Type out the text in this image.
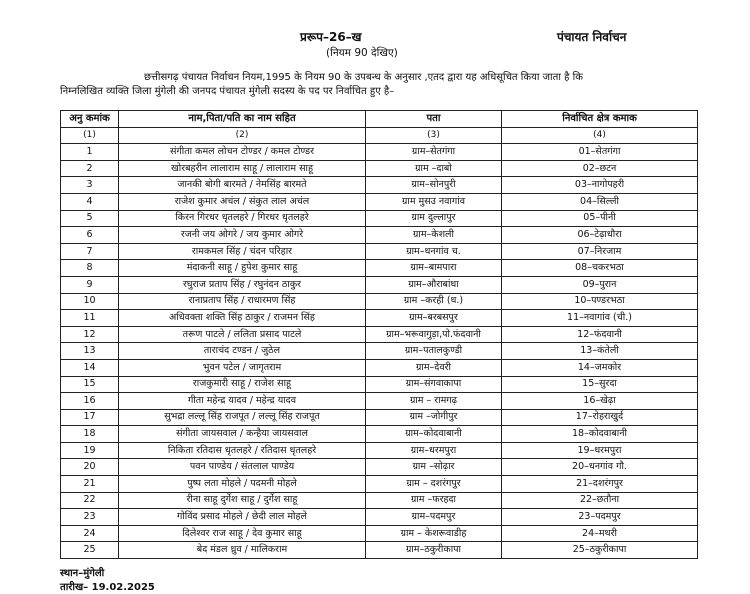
प्ररूप–26–ख
(नियम 90 देखिए)
पंचायत निर्वाचन
छत्तीसगढ़ पंचायत निर्वाचन नियम,1995 के नियम 90 के उपबन्ध के अनुसार ,एतद द्वारा यह अधिसूचित किया जाता है कि
निम्नलिखित व्यक्ति जिला मुंगेली की जनपद पंचायत मुंगेली सदस्य के पद पर निर्वाचित हुए है–
अनु कमांक	नाम,पिता/पति का नाम सहित	पता	निर्वाचित क्षेत्र कमाक
(1)	(2)	(3)	(4)
1	संगीता कमल लोचन टोण्डर / कमल टोण्डर	ग्राम–सेतगंगा	01–सेतगंगा
2	खोरबहरीन लालाराम साहू / लालाराम साहू	ग्राम –दाबो	02–छटन
3	जानकी बोगी बारमते / नेमसिंह बारमते	ग्राम–सोनपुरी	03–नागोपहरी
4	राजेश कुमार अचंल / संकुत लाल अचंल	ग्राम मुसउ नवागांव	04–सिल्ली
5	किरन गिरधर धृतलहरे / गिरधर धृतलहरे	ग्राम दुल्लापुर	05–पीनी
6	रजनी जय ओगरे / जय कुमार ओगरे	ग्राम–केशली	06–टेढ़ाधौरा
7	रामकमल सिंह / चंदन परिहार	ग्राम–धनगांव च.	07–निरजाम
8	मंदाकनी साहू / हुपेश कुमार साहू	ग्राम–बामपारा	08–चकरभठा
9	रघुराज प्रताप सिंह / रघुनंदन ठाकुर	ग्राम–औराबांधा	09–पुरान
10	रानाप्रताप सिंह / राधारमण सिंह	ग्राम –करही (ध.)	10–पण्डरभठा
11	अधिवक्ता शक्ति सिंह ठाकुर / राजमन सिंह	ग्राम–बरबसपुर	11–नवागांव (ची.)
12	तरूण पाटले / ललिता प्रसाद पाटले	ग्राम–भरूवागुड़ा,पो.फंदवानी	12–फंदवानी
13	ताराचंद टण्डन / जुठेल	ग्राम–पतालकुण्डी	13–कंतेली
14	भुवन पटेल / जागृतराम	ग्राम–देवरी	14–जमकोर
15	राजकुमारी साहू / राजेश साहू	ग्राम–संगवाकापा	15–सुरदा
16	गीता महेन्द्र यादव / महेन्द्र यादव	ग्राम – रामगढ़	16–खेढ़ा
17	सुभद्रा लल्लू सिंह राजपूत / लल्लू सिंह राजपूत	ग्राम –जोगीपुर	17–रोहराखुर्द
18	संगीता जायसवाल / कन्हैया जायसवाल	ग्राम–कोदवाबानी	18–कोदवाबानी
19	निकिता रतिदास धृतलहरे / रतिदास धृतलहरे	ग्राम–धरमपुरा	19–धरमपुरा
20	पवन पाण्डेय / संतलाल पाण्डेय	ग्राम –सोढ़ार	20–धनगांव गौ.
21	पुष्प लता मोहले / पदमनी मोहले	ग्राम – दशरंगपुर	21–दशरंगपुर
22	रीना साहू दुर्गेश साहू / दुर्गेश साहू	ग्राम –फरहदा	22–छतौना
23	गोविंद प्रसाद मोहले / छेदी लाल मोहले	ग्राम–पदमपुर	23–पदमपुर
24	दिलेश्वर राज साहू / देव कुमार साहू	ग्राम – केशरूवाडीह	24–मथरी
25	बेद मंडल ध्रुव / मालिकराम	ग्राम–ठकुरीकापा	25–ठकुरीकापा
स्थान–मुंगेली
तारीख– 19.02.2025
